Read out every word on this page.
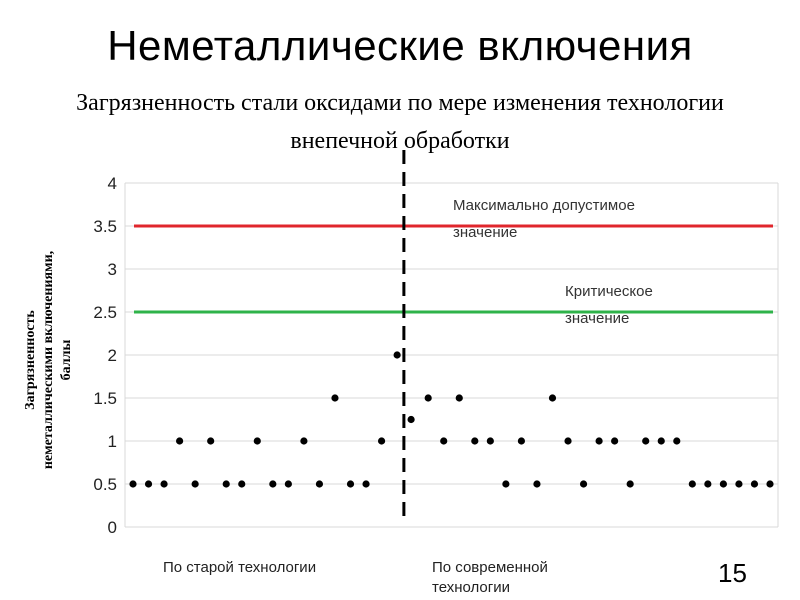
Неметаллические включения
Загрязненность стали оксидами по мере изменения технологии внепечной обработки
Загрязненность неметаллическими включениями, баллы
0
0.5
1
1.5
2
2.5
3
3.5
4
Максимально допустимое
значение
Критическое
значение
По старой технологии	По современной технологии	15
